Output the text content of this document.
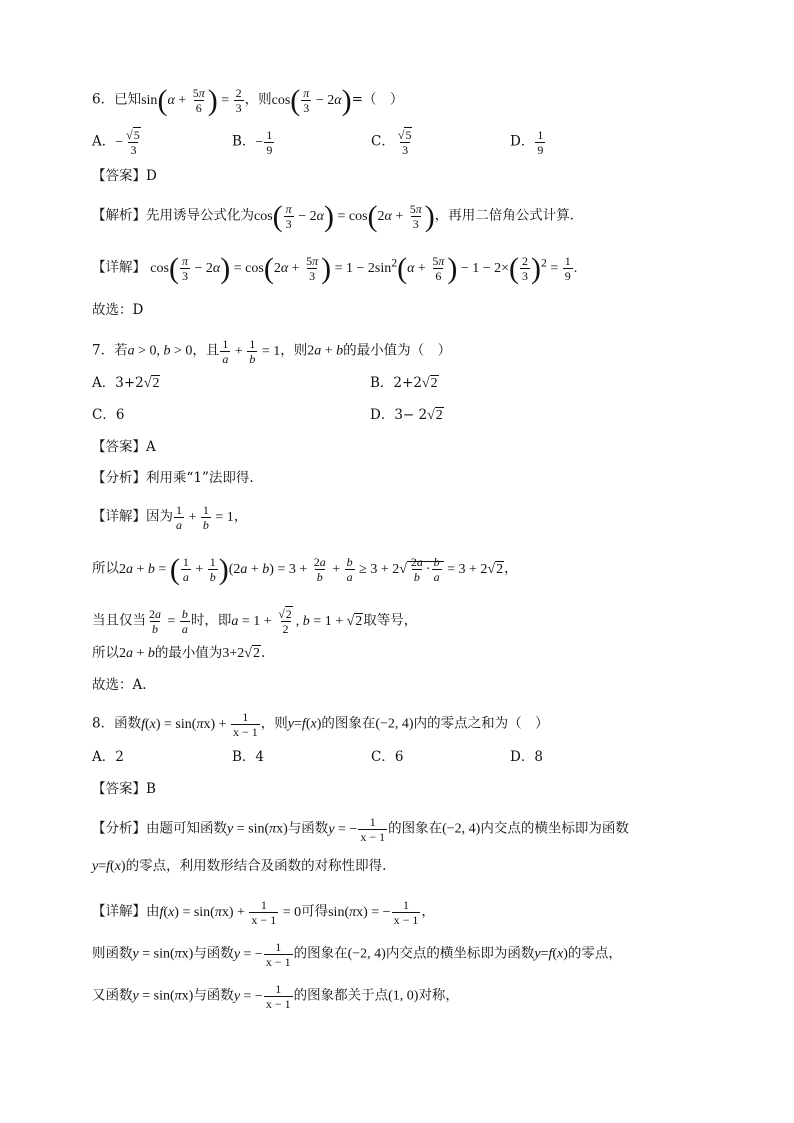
6．已知$\sin(\alpha + \frac{5\pi}{6}$ ) = $\frac{2}{3}$ ，则$\cos( \frac{\pi}{3} - 2\alpha)=$（　）
A．− $\frac{√5}{3}$	B．− $\frac{1}{9}$	C． $\frac{√5}{3}$	D． $\frac{1}{9}$
【答案】D
【解析】先用诱导公式化为$\cos( \frac{\pi}{3} - 2\alpha) = \cos(2\alpha + \frac{5\pi}{3}$ )，再用二倍角公式计算．
【详解】 $\cos( \frac{\pi}{3} - 2\alpha) = \cos(2\alpha + \frac{5\pi}{3}$ ) = $1 - 2\sin^2(\alpha + \frac{5\pi}{6}$ ) − $1 - 2\times( \frac{2}{3} )^2 = \frac{1}{9}$ .
故选：D
7．若a > 0, b > 0，且 $\frac{1}{a} + \frac{1}{b} = 1$，则2a + b的最小值为（　）
A．3+2√2	B．2+2√2
C．6	D．3− 2√2
【答案】A
【分析】利用乘“1”法即得.
【详解】因为 $\frac{1}{a} + \frac{1}{b} = 1$，
所以2a + b = ( $\frac{1}{a} + \frac{1}{b} )(2a + b) = 3 + \frac{2a}{b} + \frac{b}{a} \ge 3 + 2√ \frac{2a}{b} \cdot \frac{b}{a} = 3 + 2√2$，
当且仅当 $\frac{2a}{b} = \frac{b}{a}$ 时，即$a = 1 + \frac{√2}{2}$ , b = 1 + √2取等号，
所以2a + b的最小值为3+2√2.
故选：A.
8．函数$f(x) = \sin(\pi x) + \frac{1}{x - 1}$ ，则y=f(x)的图象在(−2, 4)内的零点之和为（　）
A．2	B．4	C．6	D．8
【答案】B
【分析】由题可知函数y = sin(πx)与函数y = − $\frac{1}{x - 1}$ 的图象在(−2, 4)内交点的横坐标即为函数
y=f(x)的零点，利用数形结合及函数的对称性即得.
【详解】由$f(x) = \sin(\pi x) + \frac{1}{x - 1} = 0$可得sin(πx) = − $\frac{1}{x - 1}$ ，
则函数y = sin(πx)与函数y = − $\frac{1}{x - 1}$ 的图象在(−2, 4)内交点的横坐标即为函数y=f(x)的零点，
又函数y = sin(πx)与函数y = − $\frac{1}{x - 1}$ 的图象都关于点(1, 0)对称，
